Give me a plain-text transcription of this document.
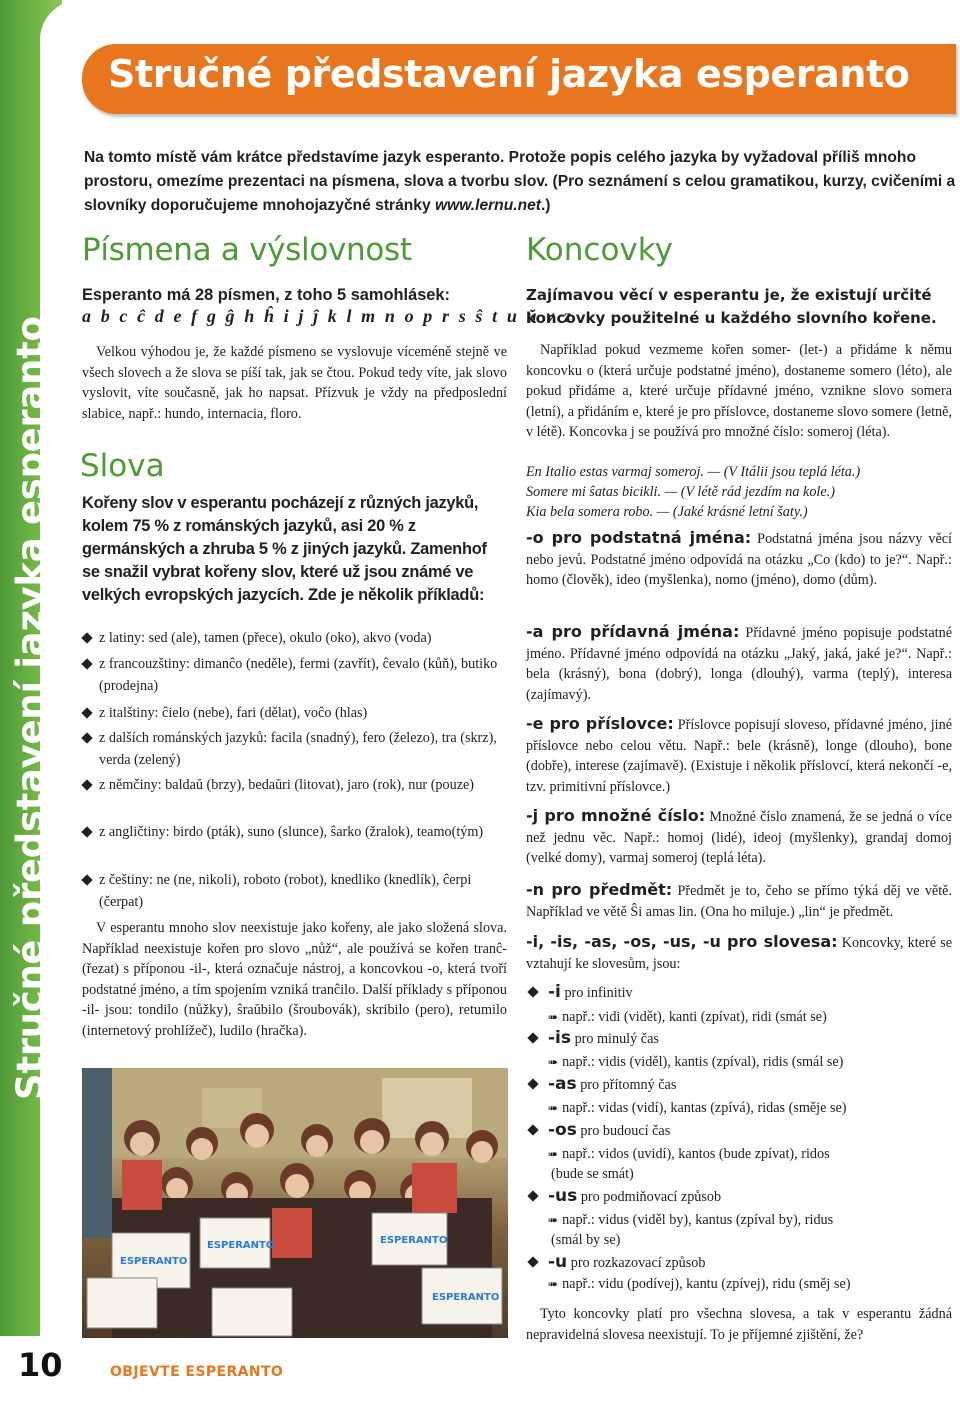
Stručné představení jazyka esperanto
10	OBJEVTE ESPERANTO
Stručné představení jazyka esperanto
Na tomto místě vám krátce představíme jazyk esperanto. Protože popis celého jazyka by vyžadoval příliš mnoho prostoru, omezíme prezentaci na písmena, slova a tvorbu slov. (Pro seznámení s celou gramatikou, kurzy, cvičeními a slovníky doporučujeme mnohojazyčné stránky www.lernu.net.)
Písmena a výslovnost
Esperanto má 28 písmen, z toho 5 samohlásek:
a b c ĉ d e f g ĝ h ĥ i j ĵ k l m n o p r s ŝ t u ŭ v z
Velkou výhodou je, že každé písmeno se vyslovuje víceméně stejně ve všech slovech a že slova se píší tak, jak se čtou. Pokud tedy víte, jak slovo vyslovit, víte současně, jak ho napsat. Přízvuk je vždy na předposlední slabice, např.: hundo, internacia, floro.
Slova
Kořeny slov v esperantu pocházejí z různých jazyků, kolem 75 % z románských jazyků, asi 20 % z germánských a zhruba 5 % z jiných jazyků. Zamenhof se snažil vybrat kořeny slov, které už jsou známé ve velkých evropských jazycích. Zde je několik příkladů:
z latiny: sed (ale), tamen (přece), okulo (oko), akvo (voda)
z francouzštiny: dimanĉo (neděle), fermi (zavřít), ĉevalo (kůň), butiko (prodejna)
z italštiny: ĉielo (nebe), fari (dělat), voĉo (hlas)
z dalších románských jazyků: facila (snadný), fero (železo), tra (skrz), verda (zelený)
z němčiny: baldaŭ (brzy), bedaŭri (litovat), jaro (rok), nur (pouze)
z angličtiny: birdo (pták), suno (slunce), ŝarko (žralok), teamo(tým)
z češtiny: ne (ne, nikoli), roboto (robot), knedliko (knedlík), ĉerpi (čerpat)
V esperantu mnoho slov neexistuje jako kořeny, ale jako složená slova. Například neexistuje kořen pro slovo „nůž“, ale používá se kořen tranĉ- (řezat) s příponou -il-, která označuje nástroj, a koncovkou -o, která tvoří podstatné jméno, a tím spojením vzniká tranĉilo. Další příklady s příponou -il- jsou: tondilo (nůžky), ŝraŭbilo (šroubovák), skribilo (pero), retumilo (internetový prohlížeč), ludilo (hračka).
ESPERANTO
ESPERANTO	ESPERANTO
ESPERANTO
Koncovky
Zajímavou věcí v esperantu je, že existují určité koncovky použitelné u každého slovního kořene.
Například pokud vezmeme kořen somer- (let-) a přidáme k němu koncovku o (která určuje podstatné jméno), dostaneme somero (léto), ale pokud přidáme a, které určuje přídavné jméno, vznikne slovo somera (letní), a přidáním e, které je pro příslovce, dostaneme slovo somere (letně, v létě). Koncovka j se používá pro množné číslo: someroj (léta).
En Italio estas varmaj someroj. — (V Itálii jsou teplá léta.)
Somere mi ŝatas bicikli. — (V létě rád jezdím na kole.)
Kia bela somera robo. — (Jaké krásné letní šaty.)
-o pro podstatná jména: Podstatná jména jsou názvy věcí nebo jevů. Podstatné jméno odpovídá na otázku „Co (kdo) to je?“. Např.: homo (člověk), ideo (myšlenka), nomo (jméno), domo (dům).
-a pro přídavná jména: Přídavné jméno popisuje podstatné jméno. Přídavné jméno odpovídá na otázku „Jaký, jaká, jaké je?“. Např.: bela (krásný), bona (dobrý), longa (dlouhý), varma (teplý), interesa (zajímavý).
-e pro příslovce: Příslovce popisují sloveso, přídavné jméno, jiné příslovce nebo celou větu. Např.: bele (krásně), longe (dlouho), bone (dobře), interese (zajímavě). (Existuje i několik příslovcí, která nekončí -e, tzv. primitivní příslovce.)
-j pro množné číslo: Množné číslo znamená, že se jedná o více než jednu věc. Např.: homoj (lidé), ideoj (myšlenky), grandaj domoj (velké domy), varmaj someroj (teplá léta).
-n pro předmět: Předmět je to, čeho se přímo týká děj ve větě. Například ve větě Ŝi amas lin. (Ona ho miluje.) „lin“ je předmět.
-i, -is, -as, -os, -us, -u pro slovesa: Koncovky, které se vztahují ke slovesům, jsou:
-i pro infinitiv
➠ např.: vidi (vidět), kanti (zpívat), ridi (smát se)
-is pro minulý čas
➠ např.: vidis (viděl), kantis (zpíval), ridis (smál se)
-as pro přítomný čas
➠ např.: vidas (vidí), kantas (zpívá), ridas (směje se)
-os pro budoucí čas
➠ např.: vidos (uvidí), kantos (bude zpívat), ridos
(bude se smát)
-us pro podmiňovací způsob
➠ např.: vidus (viděl by), kantus (zpíval by), ridus
(smál by se)
-u pro rozkazovací způsob
➠ např.: vidu (podívej), kantu (zpívej), ridu (směj se)
Tyto koncovky platí pro všechna slovesa, a tak v esperantu žádná nepravidelná slovesa neexistují. To je příjemné zjištění, že?
